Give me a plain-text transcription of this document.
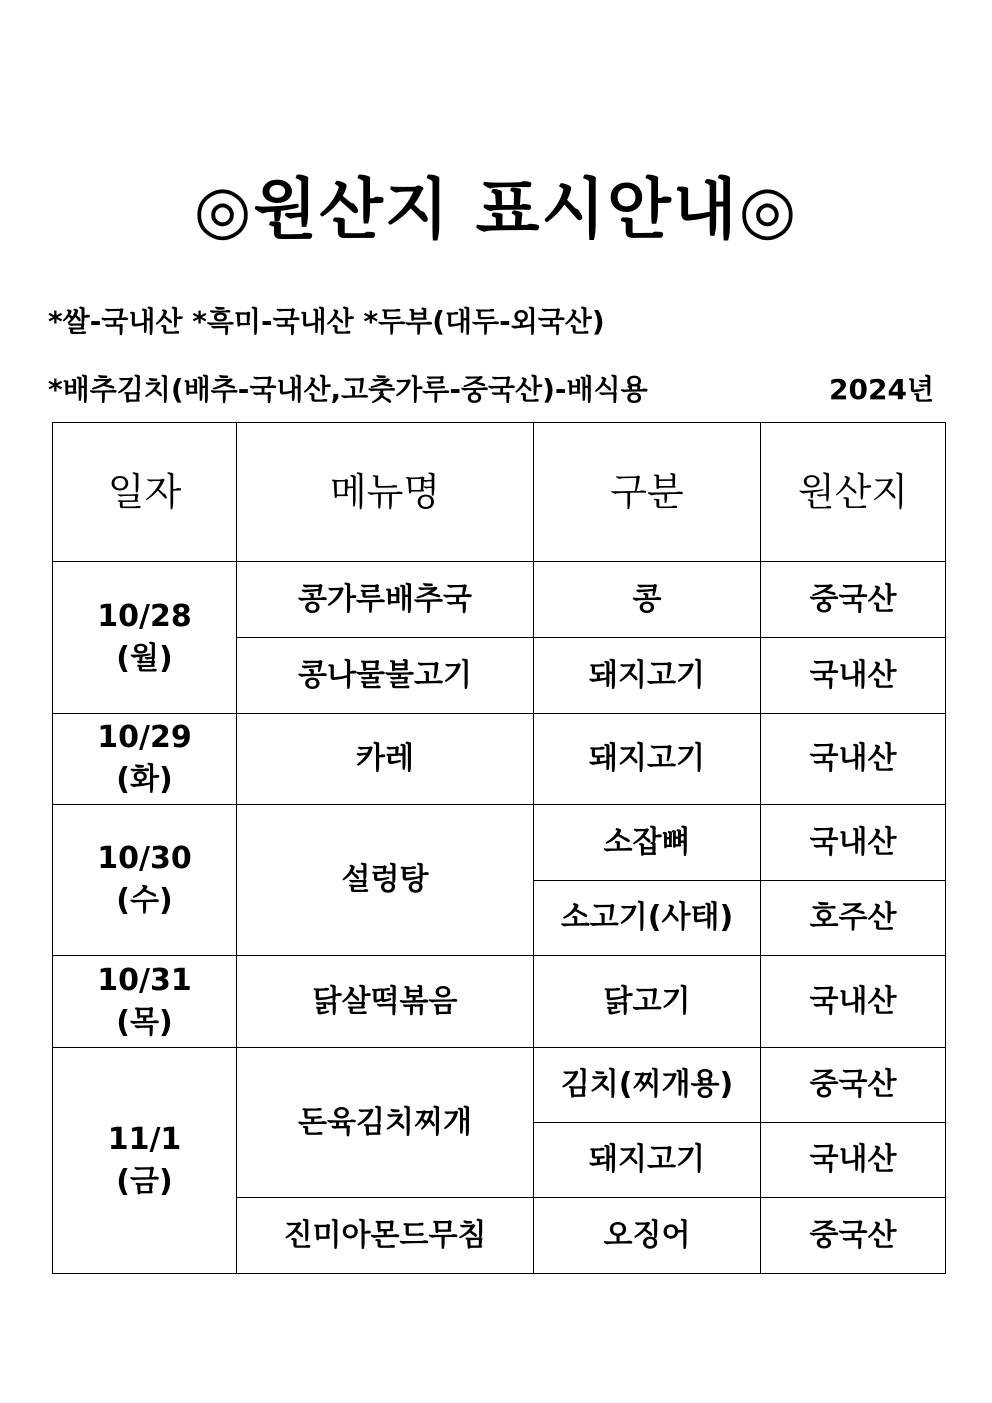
◎원산지 표시안내◎
*쌀-국내산 *흑미-국내산 *두부(대두-외국산)
*배추김치(배추-국내산,고춧가루-중국산)-배식용	2024년
일자	메뉴명	구분	원산지

10/28
(월)	콩가루배추국	콩	중국산
	콩나물불고기	돼지고기	국내산

10/29
(화)	카레	돼지고기	국내산

10/30
(수)	설렁탕	소잡뼈	국내산
		소고기(사태)	호주산

10/31
(목)	닭살떡볶음	닭고기	국내산

11/1
(금)	돈육김치찌개	김치(찌개용)	중국산
		돼지고기	국내산
	진미아몬드무침	오징어	중국산
